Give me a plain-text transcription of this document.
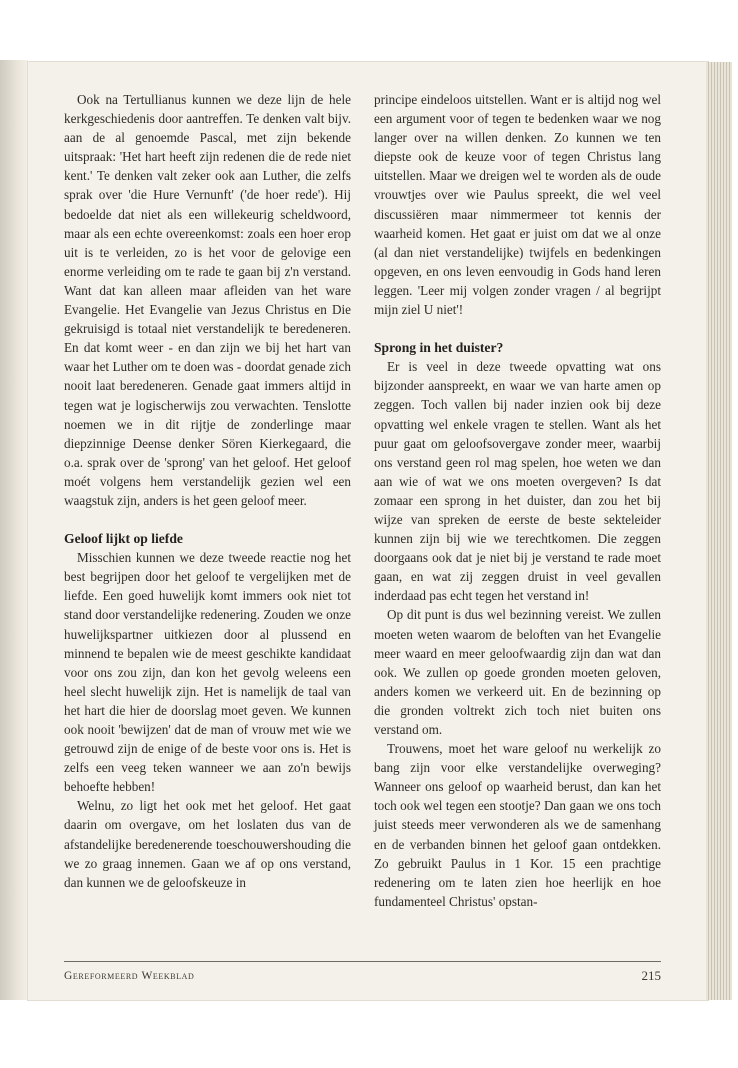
Ook na Tertullianus kunnen we deze lijn de hele kerkgeschiedenis door aantreffen. Te denken valt bijv. aan de al genoemde Pascal, met zijn bekende uitspraak: 'Het hart heeft zijn redenen die de rede niet kent.' Te denken valt zeker ook aan Luther, die zelfs sprak over 'die Hure Vernunft' ('de hoer rede'). Hij bedoelde dat niet als een willekeurig scheldwoord, maar als een echte overeenkomst: zoals een hoer erop uit is te verleiden, zo is het voor de gelovige een enorme verleiding om te rade te gaan bij z'n verstand. Want dat kan alleen maar afleiden van het ware Evangelie. Het Evangelie van Jezus Christus en Die gekruisigd is totaal niet verstandelijk te beredeneren. En dat komt weer - en dan zijn we bij het hart van waar het Luther om te doen was - doordat genade zich nooit laat beredeneren. Genade gaat immers altijd in tegen wat je logischerwijs zou verwachten. Tenslotte noemen we in dit rijtje de zonderlinge maar diepzinnige Deense denker Sören Kierkegaard, die o.a. sprak over de 'sprong' van het geloof. Het geloof moét volgens hem verstandelijk gezien wel een waagstuk zijn, anders is het geen geloof meer.

Geloof lijkt op liefde

Misschien kunnen we deze tweede reactie nog het best begrijpen door het geloof te vergelijken met de liefde. Een goed huwelijk komt immers ook niet tot stand door verstandelijke redenering. Zouden we onze huwelijkspartner uitkiezen door al plussend en minnend te bepalen wie de meest geschikte kandidaat voor ons zou zijn, dan kon het gevolg weleens een heel slecht huwelijk zijn. Het is namelijk de taal van het hart die hier de doorslag moet geven. We kunnen ook nooit 'bewijzen' dat de man of vrouw met wie we getrouwd zijn de enige of de beste voor ons is. Het is zelfs een veeg teken wanneer we aan zo'n bewijs behoefte hebben!

Welnu, zo ligt het ook met het geloof. Het gaat daarin om overgave, om het loslaten dus van de afstandelijke beredenerende toeschouwershouding die we zo graag innemen. Gaan we af op ons verstand, dan kunnen we de geloofskeuze in

principe eindeloos uitstellen. Want er is altijd nog wel een argument voor of tegen te bedenken waar we nog langer over na willen denken. Zo kunnen we ten diepste ook de keuze voor of tegen Christus lang uitstellen. Maar we dreigen wel te worden als de oude vrouwtjes over wie Paulus spreekt, die wel veel discussiëren maar nimmermeer tot kennis der waarheid komen. Het gaat er juist om dat we al onze (al dan niet verstandelijke) twijfels en bedenkingen opgeven, en ons leven eenvoudig in Gods hand leren leggen. 'Leer mij volgen zonder vragen / al begrijpt mijn ziel U niet'!

Sprong in het duister?

Er is veel in deze tweede opvatting wat ons bijzonder aanspreekt, en waar we van harte amen op zeggen. Toch vallen bij nader inzien ook bij deze opvatting wel enkele vragen te stellen. Want als het puur gaat om geloofsovergave zonder meer, waarbij ons verstand geen rol mag spelen, hoe weten we dan aan wie of wat we ons moeten overgeven? Is dat zomaar een sprong in het duister, dan zou het bij wijze van spreken de eerste de beste sekteleider kunnen zijn bij wie we terechtkomen. Die zeggen doorgaans ook dat je niet bij je verstand te rade moet gaan, en wat zij zeggen druist in veel gevallen inderdaad pas echt tegen het verstand in!

Op dit punt is dus wel bezinning vereist. We zullen moeten weten waarom de beloften van het Evangelie meer waard en meer geloofwaardig zijn dan wat dan ook. We zullen op goede gronden moeten geloven, anders komen we verkeerd uit. En de bezinning op die gronden voltrekt zich toch niet buiten ons verstand om.

Trouwens, moet het ware geloof nu werkelijk zo bang zijn voor elke verstandelijke overweging? Wanneer ons geloof op waarheid berust, dan kan het toch ook wel tegen een stootje? Dan gaan we ons toch juist steeds meer verwonderen als we de samenhang en de verbanden binnen het geloof gaan ontdekken. Zo gebruikt Paulus in 1 Kor. 15 een prachtige redenering om te laten zien hoe heerlijk en hoe fundamenteel Christus' opstan-

Gereformeerd Weekblad	215
